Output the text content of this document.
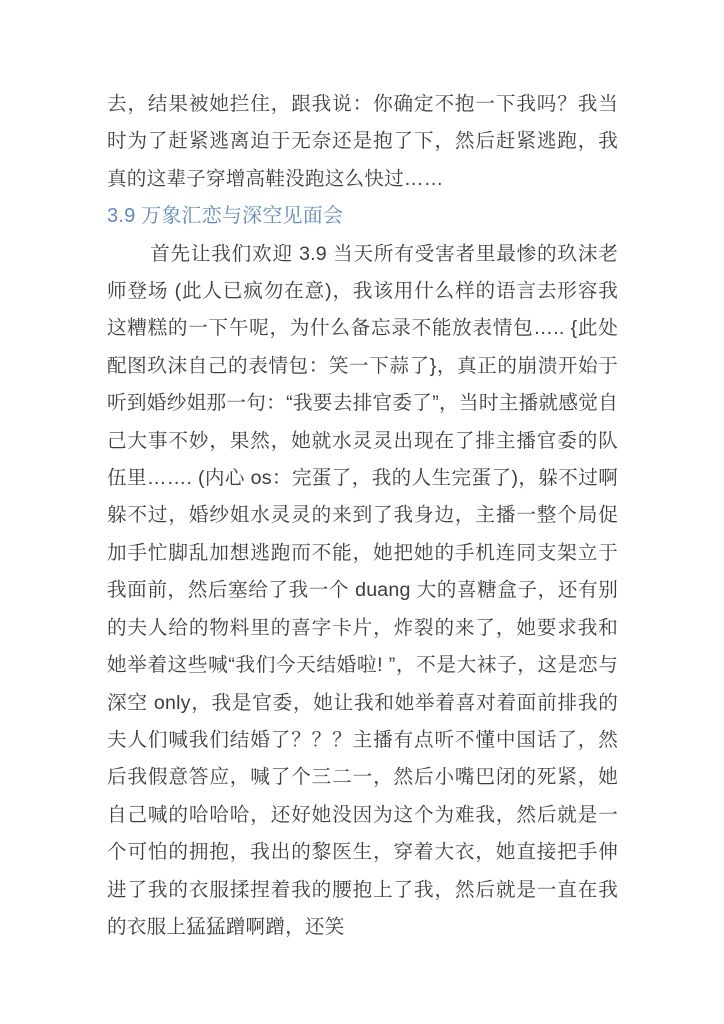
去，结果被她拦住，跟我说：你确定不抱一下我吗？我当时为了赶紧逃离迫于无奈还是抱了下，然后赶紧逃跑，我真的这辈子穿增高鞋没跑这么快过……

3.9 万象汇恋与深空见面会

首先让我们欢迎 3.9 当天所有受害者里最惨的玖沫老师登场 (此人已疯勿在意)，我该用什么样的语言去形容我这糟糕的一下午呢，为什么备忘录不能放表情包….. {此处配图玖沫自己的表情包：笑一下蒜了}，真正的崩溃开始于听到婚纱姐那一句：“我要去排官委了”，当时主播就感觉自己大事不妙，果然，她就水灵灵出现在了排主播官委的队伍里……. (内心 os：完蛋了，我的人生完蛋了)，躲不过啊躲不过，婚纱姐水灵灵的来到了我身边，主播一整个局促加手忙脚乱加想逃跑而不能，她把她的手机连同支架立于我面前，然后塞给了我一个 duang 大的喜糖盒子，还有别的夫人给的物料里的喜字卡片，炸裂的来了，她要求我和她举着这些喊“我们今天结婚啦! ”，不是大袜子，这是恋与深空 only，我是官委，她让我和她举着喜对着面前排我的夫人们喊我们结婚了？？？主播有点听不懂中国话了，然后我假意答应，喊了个三二一，然后小嘴巴闭的死紧，她自己喊的哈哈哈，还好她没因为这个为难我，然后就是一个可怕的拥抱，我出的黎医生，穿着大衣，她直接把手伸进了我的衣服揉捏着我的腰抱上了我，然后就是一直在我的衣服上猛猛蹭啊蹭，还笑
